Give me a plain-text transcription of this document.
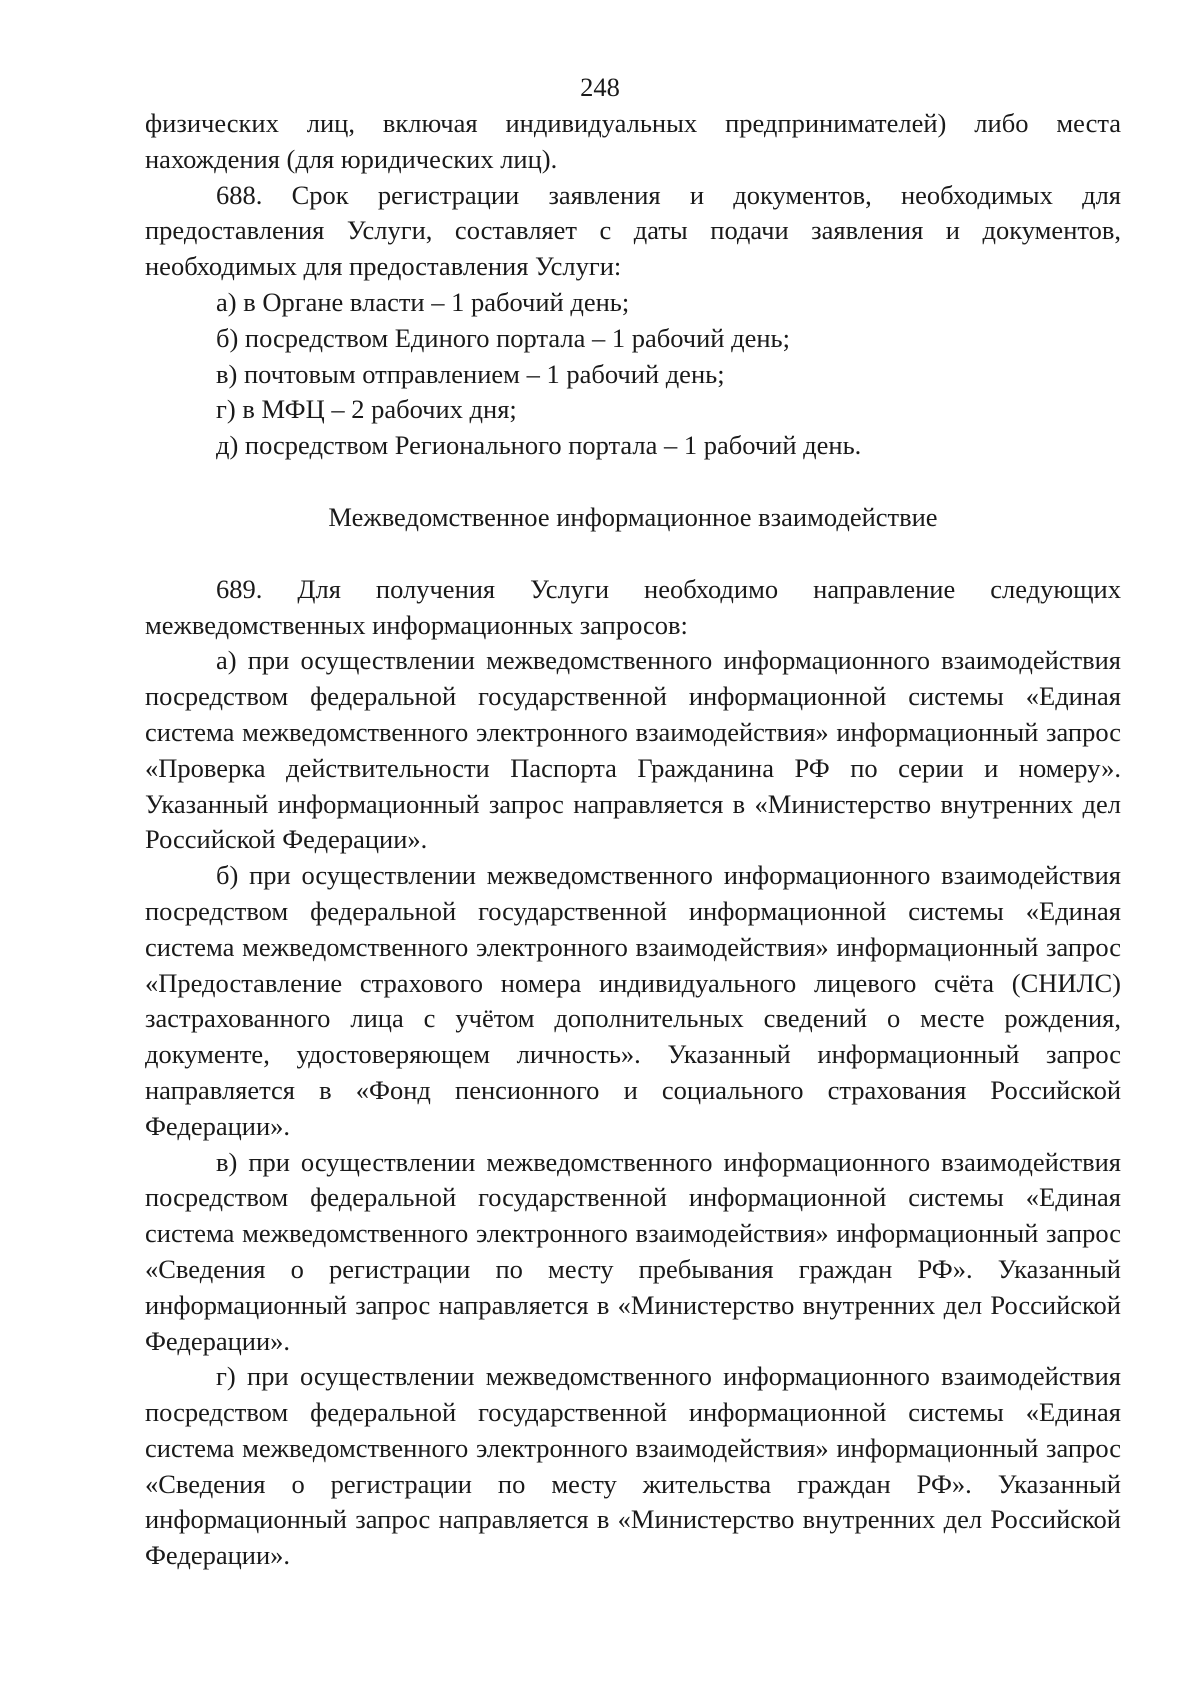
248

физических лиц, включая индивидуальных предпринимателей) либо места нахождения (для юридических лиц).

688. Срок регистрации заявления и документов, необходимых для предоставления Услуги, составляет с даты подачи заявления и документов, необходимых для предоставления Услуги:

а) в Органе власти – 1 рабочий день;

б) посредством Единого портала – 1 рабочий день;

в) почтовым отправлением – 1 рабочий день;

г) в МФЦ – 2 рабочих дня;

д) посредством Регионального портала – 1 рабочий день.

Межведомственное информационное взаимодействие

689. Для получения Услуги необходимо направление следующих межведомственных информационных запросов:

а) при осуществлении межведомственного информационного взаимодействия посредством федеральной государственной информационной системы «Единая система межведомственного электронного взаимодействия» информационный запрос «Проверка действительности Паспорта Гражданина РФ по серии и номеру». Указанный информационный запрос направляется в «Министерство внутренних дел Российской Федерации».

б) при осуществлении межведомственного информационного взаимодействия посредством федеральной государственной информационной системы «Единая система межведомственного электронного взаимодействия» информационный запрос «Предоставление страхового номера индивидуального лицевого счёта (СНИЛС) застрахованного лица с учётом дополнительных сведений о месте рождения, документе, удостоверяющем личность». Указанный информационный запрос направляется в «Фонд пенсионного и социального страхования Российской Федерации».

в) при осуществлении межведомственного информационного взаимодействия посредством федеральной государственной информационной системы «Единая система межведомственного электронного взаимодействия» информационный запрос «Сведения о регистрации по месту пребывания граждан РФ». Указанный информационный запрос направляется в «Министерство внутренних дел Российской Федерации».

г) при осуществлении межведомственного информационного взаимодействия посредством федеральной государственной информационной системы «Единая система межведомственного электронного взаимодействия» информационный запрос «Сведения о регистрации по месту жительства граждан РФ». Указанный информационный запрос направляется в «Министерство внутренних дел Российской Федерации».
